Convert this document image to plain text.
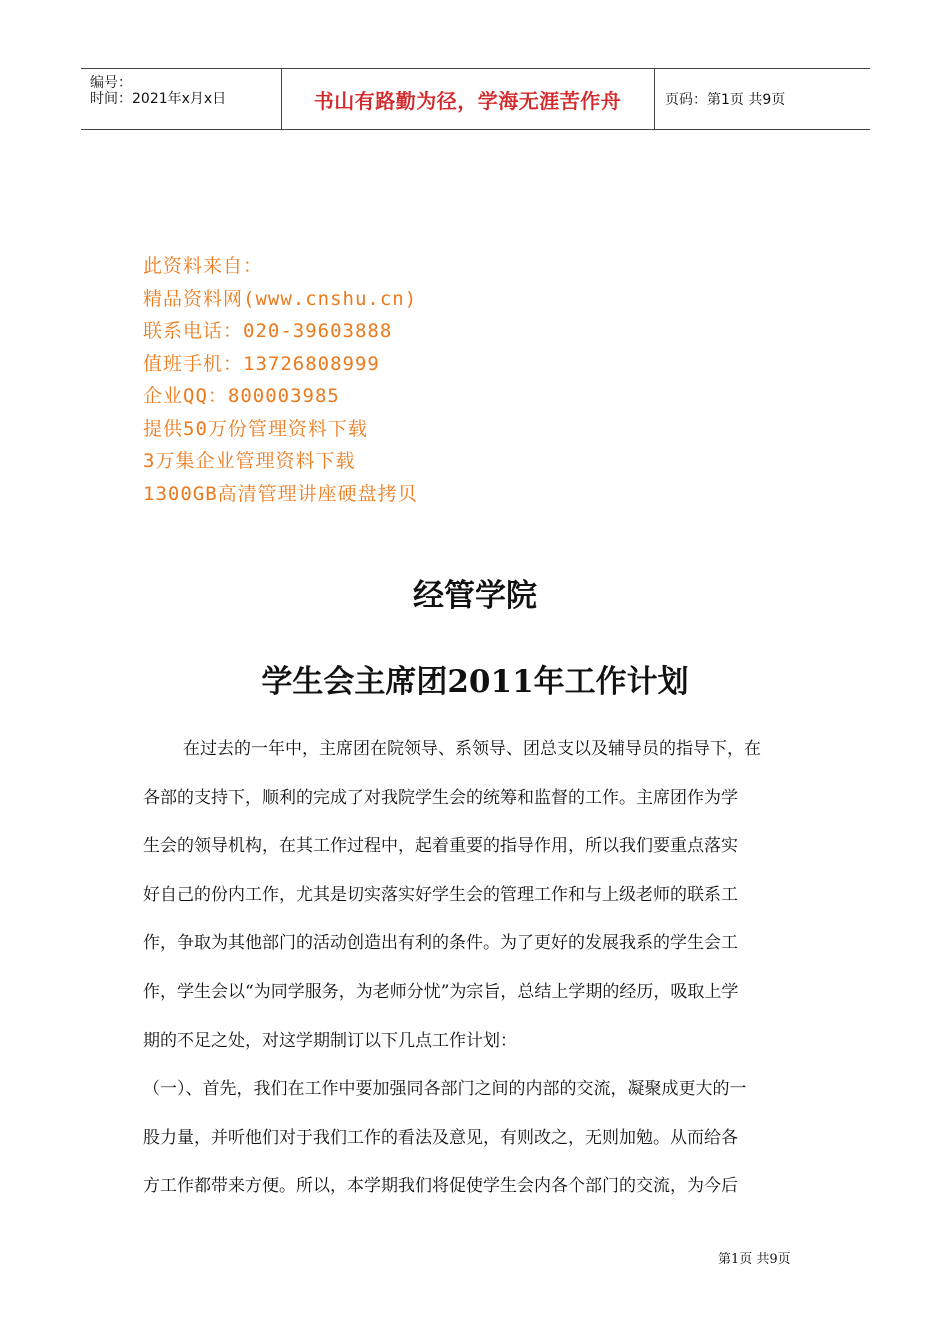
编号：
时间：2021年x月x日	书山有路勤为径，学海无涯苦作舟	页码：第1页 共9页
此资料来自：
精品资料网(www.cnshu.cn)
联系电话：020-39603888
值班手机：13726808999
企业QQ：800003985
提供50万份管理资料下载
3万集企业管理资料下载
1300GB高清管理讲座硬盘拷贝
经管学院
学生会主席团2011年工作计划
在过去的一年中，主席团在院领导、系领导、团总支以及辅导员的指导下，在
各部的支持下，顺利的完成了对我院学生会的统筹和监督的工作。主席团作为学
生会的领导机构，在其工作过程中，起着重要的指导作用，所以我们要重点落实
好自己的份内工作，尤其是切实落实好学生会的管理工作和与上级老师的联系工
作，争取为其他部门的活动创造出有利的条件。为了更好的发展我系的学生会工
作，学生会以“为同学服务，为老师分忧”为宗旨，总结上学期的经历，吸取上学
期的不足之处，对这学期制订以下几点工作计划：
（一）、首先，我们在工作中要加强同各部门之间的内部的交流，凝聚成更大的一
股力量，并听他们对于我们工作的看法及意见，有则改之，无则加勉。从而给各
方工作都带来方便。所以，本学期我们将促使学生会内各个部门的交流，为今后
第1页 共9页
